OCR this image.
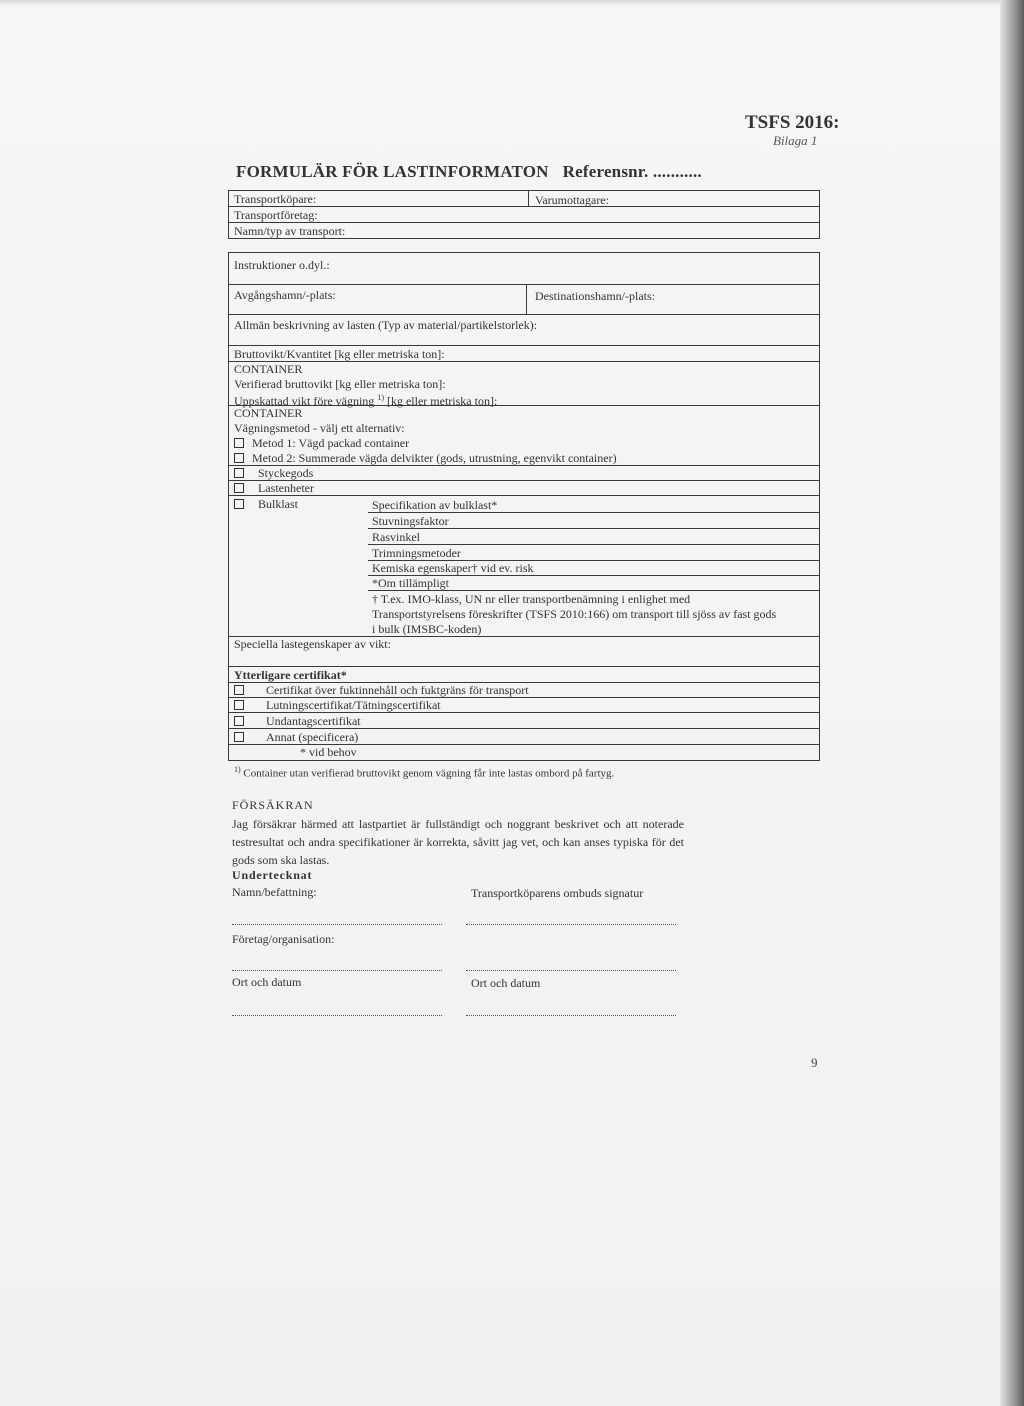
TSFS 2016:
Bilaga 1
FORMULÄR FÖR LASTINFORMATON Referensnr. ...........
Transportköpare:	Varumottagare:
Transportföretag:
Namn/typ av transport:
Instruktioner o.dyl.:
Avgångshamn/-plats:	Destinationshamn/-plats:
Allmän beskrivning av lasten (Typ av material/partikelstorlek):
Bruttovikt/Kvantitet [kg eller metriska ton]:
CONTAINER
Verifierad bruttovikt [kg eller metriska ton]:
Uppskattad vikt före vägning $^{1)}$ [kg eller metriska ton]:
CONTAINER
Vägningsmetod - välj ett alternativ:
Metod 1: Vägd packad container
Metod 2: Summerade vägda delvikter (gods, utrustning, egenvikt container)
Styckegods
Lastenheter
Bulklast	Specifikation av bulklast*
Stuvningsfaktor
Rasvinkel
Trimningsmetoder
Kemiska egenskaper† vid ev. risk
*Om tillämpligt
† T.ex. IMO-klass, UN nr eller transportbenämning i enlighet med
Transportstyrelsens föreskrifter (TSFS 2010:166) om transport till sjöss av fast gods
i bulk (IMSBC-koden)
Speciella lastegenskaper av vikt:
Ytterligare certifikat*
Certifikat över fuktinnehåll och fuktgräns för transport
Lutningscertifikat/Tätningscertifikat
Undantagscertifikat
Annat (specificera)
* vid behov
$^{1)}$ Container utan verifierad bruttovikt genom vägning får inte lastas ombord på fartyg.
FÖRSÄKRAN
Jag försäkrar härmed att lastpartiet är fullständigt och noggrant beskrivet och att noterade testresultat och andra specifikationer är korrekta, såvitt jag vet, och kan anses typiska för det gods som ska lastas.
Undertecknat
Namn/befattning:	Transportköparens ombuds signatur
Företag/organisation:
Ort och datum	Ort och datum
9
